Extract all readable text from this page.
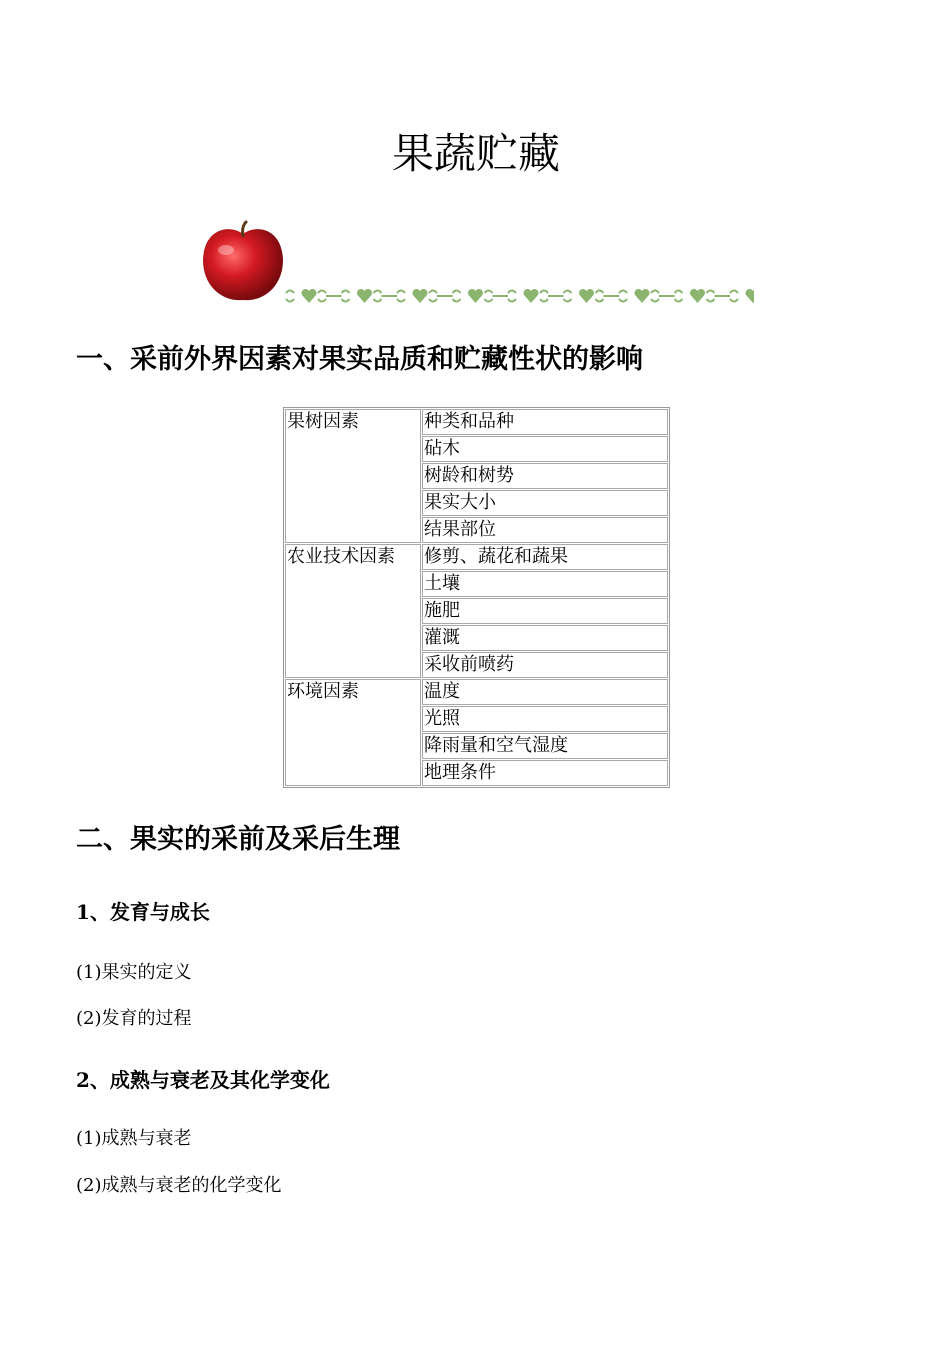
果蔬贮藏
一、采前外界因素对果实品质和贮藏性状的影响
果树因素	种类和品种
	砧木
	树龄和树势
	果实大小
	结果部位
农业技术因素	修剪、蔬花和蔬果
	土壤
	施肥
	灌溉
	采收前喷药
环境因素	温度
	光照
	降雨量和空气湿度
	地理条件
二、果实的采前及采后生理
1、发育与成长

(1)果实的定义

(2)发育的过程

2、成熟与衰老及其化学变化

(1)成熟与衰老

(2)成熟与衰老的化学变化
